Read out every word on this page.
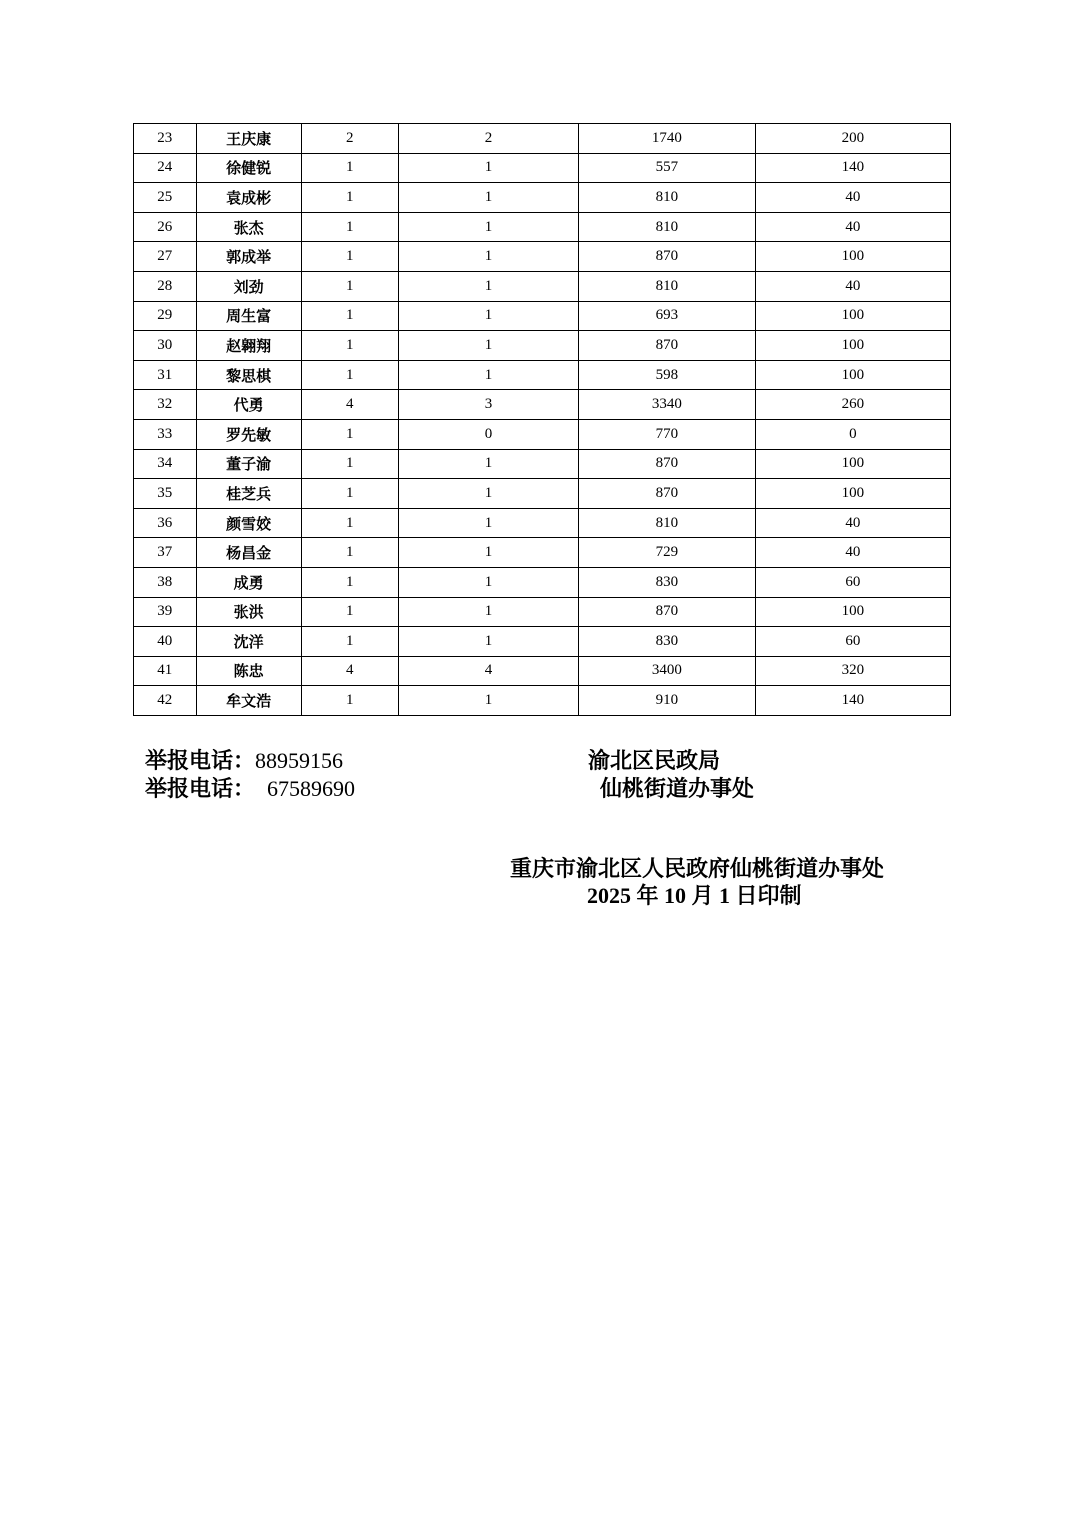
23	王庆康	2	2	1740	200
24	徐健锐	1	1	557	140
25	袁成彬	1	1	810	40
26	张杰	1	1	810	40
27	郭成举	1	1	870	100
28	刘劲	1	1	810	40
29	周生富	1	1	693	100
30	赵翱翔	1	1	870	100
31	黎思棋	1	1	598	100
32	代勇	4	3	3340	260
33	罗先敏	1	0	770	0
34	董子渝	1	1	870	100
35	桂芝兵	1	1	870	100
36	颜雪姣	1	1	810	40
37	杨昌金	1	1	729	40
38	成勇	1	1	830	60
39	张洪	1	1	870	100
40	沈洋	1	1	830	60
41	陈忠	4	4	3400	320
42	牟文浩	1	1	910	140
举报电话：88959156	渝北区民政局
举报电话： 67589690	仙桃街道办事处
重庆市渝北区人民政府仙桃街道办事处
2025 年 10 月 1 日印制
